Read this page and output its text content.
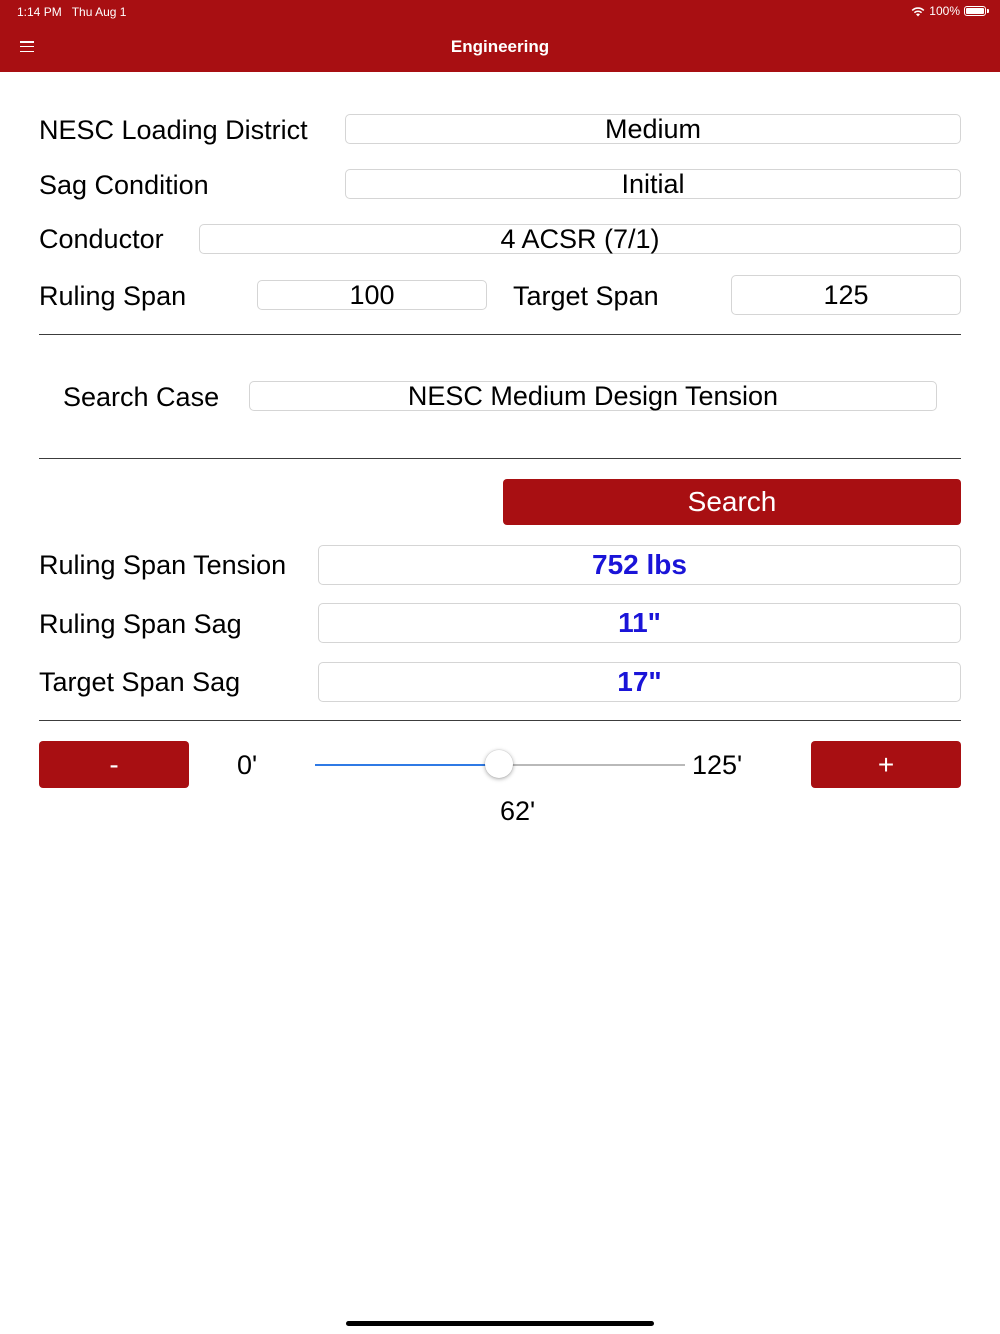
1:14 PM Thu Aug 1	100%
Engineering
NESC Loading District	Medium
Sag Condition	Initial
Conductor	4 ACSR (7/1)
Ruling Span	100	Target Span	125
Search Case	NESC Medium Design Tension
Search
Ruling Span Tension	752 lbs
Ruling Span Sag	11"
Target Span Sag	17"
-	0'	125'	+
62'
